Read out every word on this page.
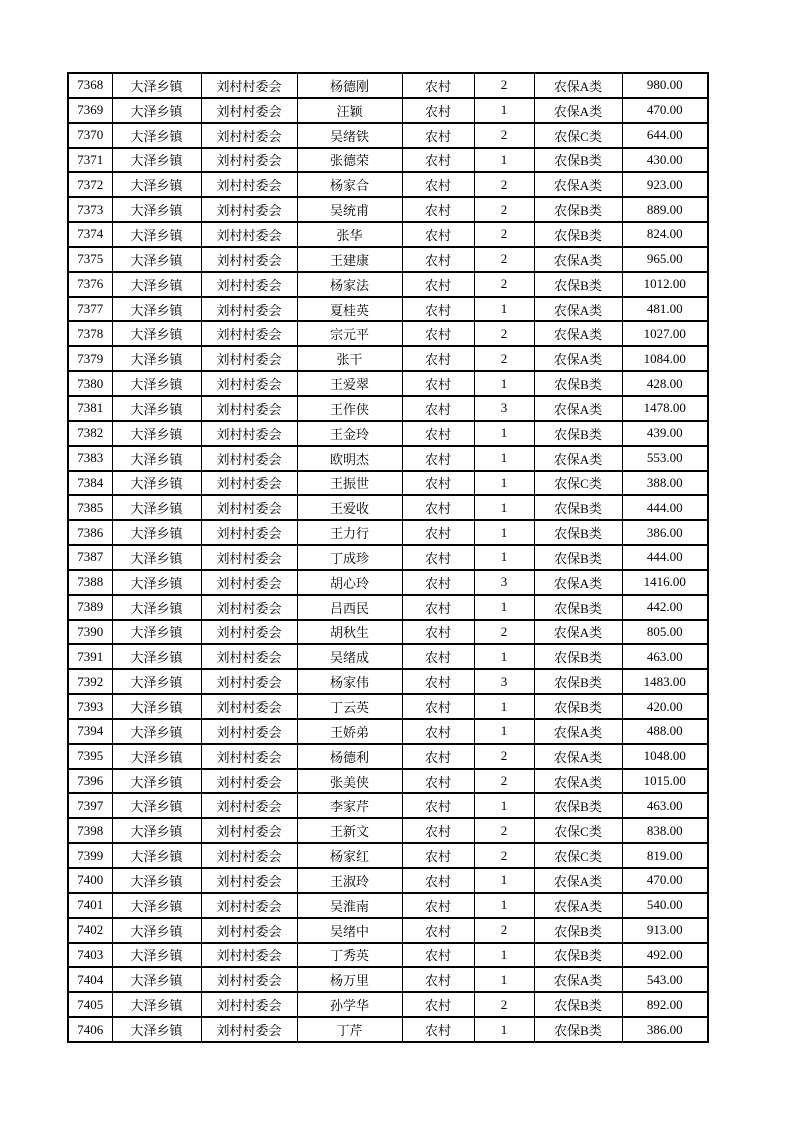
7368	大泽乡镇	刘村村委会	杨德刚	农村	2	农保A类	980.00
7369	大泽乡镇	刘村村委会	汪颖	农村	1	农保A类	470.00
7370	大泽乡镇	刘村村委会	吴绪铁	农村	2	农保C类	644.00
7371	大泽乡镇	刘村村委会	张德荣	农村	1	农保B类	430.00
7372	大泽乡镇	刘村村委会	杨家合	农村	2	农保A类	923.00
7373	大泽乡镇	刘村村委会	吴统甫	农村	2	农保B类	889.00
7374	大泽乡镇	刘村村委会	张华	农村	2	农保B类	824.00
7375	大泽乡镇	刘村村委会	王建康	农村	2	农保A类	965.00
7376	大泽乡镇	刘村村委会	杨家法	农村	2	农保B类	1012.00
7377	大泽乡镇	刘村村委会	夏桂英	农村	1	农保A类	481.00
7378	大泽乡镇	刘村村委会	宗元平	农村	2	农保A类	1027.00
7379	大泽乡镇	刘村村委会	张干	农村	2	农保A类	1084.00
7380	大泽乡镇	刘村村委会	王爱翠	农村	1	农保B类	428.00
7381	大泽乡镇	刘村村委会	王作侠	农村	3	农保A类	1478.00
7382	大泽乡镇	刘村村委会	王金玲	农村	1	农保B类	439.00
7383	大泽乡镇	刘村村委会	欧明杰	农村	1	农保A类	553.00
7384	大泽乡镇	刘村村委会	王振世	农村	1	农保C类	388.00
7385	大泽乡镇	刘村村委会	王爱收	农村	1	农保B类	444.00
7386	大泽乡镇	刘村村委会	王力行	农村	1	农保B类	386.00
7387	大泽乡镇	刘村村委会	丁成珍	农村	1	农保B类	444.00
7388	大泽乡镇	刘村村委会	胡心玲	农村	3	农保A类	1416.00
7389	大泽乡镇	刘村村委会	吕西民	农村	1	农保B类	442.00
7390	大泽乡镇	刘村村委会	胡秋生	农村	2	农保A类	805.00
7391	大泽乡镇	刘村村委会	吴绪成	农村	1	农保B类	463.00
7392	大泽乡镇	刘村村委会	杨家伟	农村	3	农保B类	1483.00
7393	大泽乡镇	刘村村委会	丁云英	农村	1	农保B类	420.00
7394	大泽乡镇	刘村村委会	王娇弟	农村	1	农保A类	488.00
7395	大泽乡镇	刘村村委会	杨德利	农村	2	农保A类	1048.00
7396	大泽乡镇	刘村村委会	张美侠	农村	2	农保A类	1015.00
7397	大泽乡镇	刘村村委会	李家芹	农村	1	农保B类	463.00
7398	大泽乡镇	刘村村委会	王新文	农村	2	农保C类	838.00
7399	大泽乡镇	刘村村委会	杨家红	农村	2	农保C类	819.00
7400	大泽乡镇	刘村村委会	王淑玲	农村	1	农保A类	470.00
7401	大泽乡镇	刘村村委会	吴淮南	农村	1	农保A类	540.00
7402	大泽乡镇	刘村村委会	吴绪中	农村	2	农保B类	913.00
7403	大泽乡镇	刘村村委会	丁秀英	农村	1	农保B类	492.00
7404	大泽乡镇	刘村村委会	杨万里	农村	1	农保A类	543.00
7405	大泽乡镇	刘村村委会	孙学华	农村	2	农保B类	892.00
7406	大泽乡镇	刘村村委会	丁芹	农村	1	农保B类	386.00
